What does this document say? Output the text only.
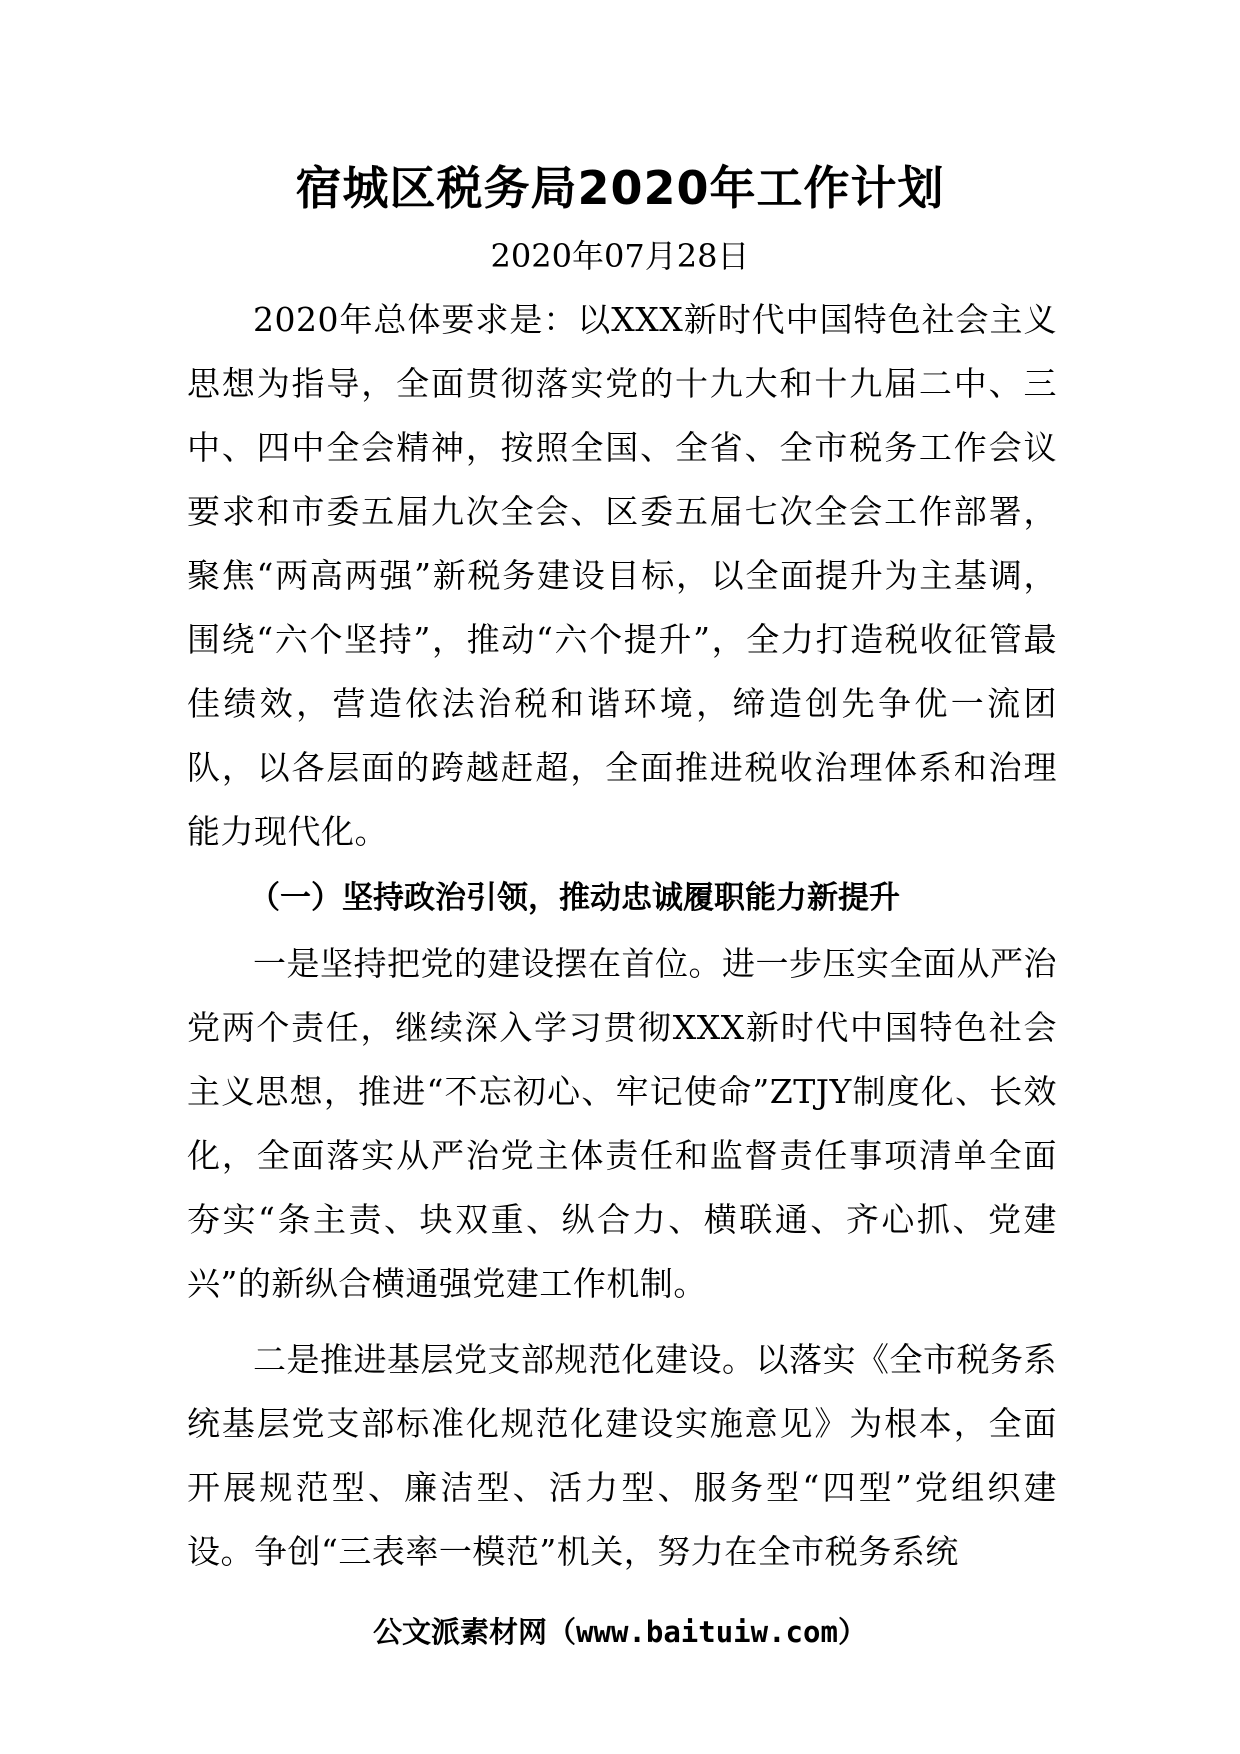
宿城区税务局2020年工作计划
2020年07月28日

2020年总体要求是：以XXX新时代中国特色社会主义思想为指导，全面贯彻落实党的十九大和十九届二中、三中、四中全会精神，按照全国、全省、全市税务工作会议要求和市委五届九次全会、区委五届七次全会工作部署，聚焦“两高两强”新税务建设目标，以全面提升为主基调，围绕“六个坚持”，推动“六个提升”，全力打造税收征管最佳绩效，营造依法治税和谐环境，缔造创先争优一流团队，以各层面的跨越赶超，全面推进税收治理体系和治理能力现代化。

（一）坚持政治引领，推动忠诚履职能力新提升

一是坚持把党的建设摆在首位。进一步压实全面从严治党两个责任，继续深入学习贯彻XXX新时代中国特色社会主义思想，推进“不忘初心、牢记使命”ZTJY制度化、长效化，全面落实从严治党主体责任和监督责任事项清单全面夯实“条主责、块双重、纵合力、横联通、齐心抓、党建兴”的新纵合横通强党建工作机制。

二是推进基层党支部规范化建设。以落实《全市税务系统基层党支部标准化规范化建设实施意见》为根本，全面开展规范型、廉洁型、活力型、服务型“四型”党组织建设。争创“三表率一模范”机关，努力在全市税务系统

公文派素材网（www.baituiw.com）
